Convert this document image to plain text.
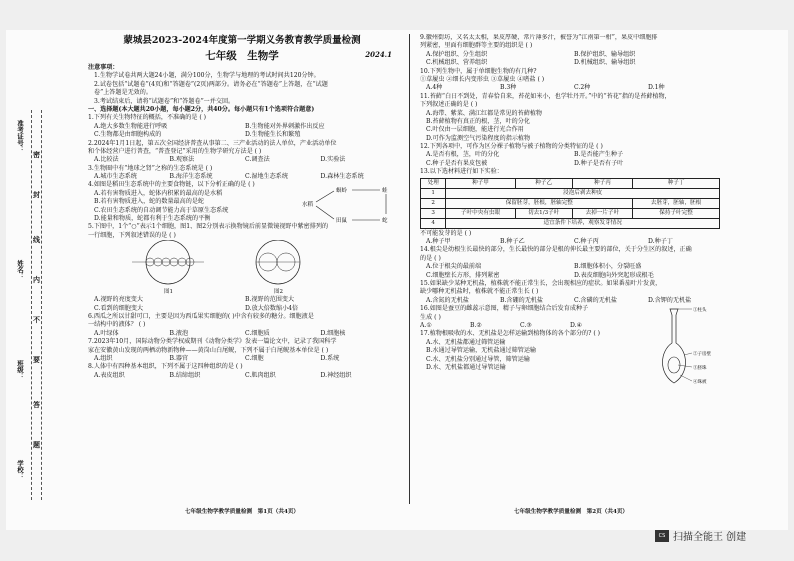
学校：
班级：
姓名：
准考证号：
密
封
线
内
不
要
答
题
蒙城县2023-2024年度第一学期义务教育教学质量检测
七年级　 生物学	2024.1
注意事项：
1.生物学试卷共两大题24小题，满分100分，生物学与地理的考试时间共120分钟。
2.试卷包括“试题卷”(4页)和“答题卷”(2页)两部分。请务必在“答题卷”上答题，在“试题
卷”上答题是无效的。
3.考试结束后，请将“试题卷”和“答题卷”一并交回。
一、选择题(本大题共20小题，每小题2分，共40分。每小题只有1个选项符合题意)
1.下列有关生物特征的概括，不准确的是 ( )
A.绝大多数生物能进行呼吸	B.生物能对外界刺激作出反应
C.生物都是由细胞构成的	D.生物能生长和繁殖
2.2024年1月1日起，第五次全国经济普查从事第二、三产业活动的法人单位，产业活动单位
和个体经营户进行普查，“普查登记”采用的生物学研究方法是 ( )
A.比较法	B.观察法	C.调查法	D.实验法
3.生物圈中有“地球之肾”之称的生态系统是 ( )
A.城市生态系统	B.海洋生态系统	C.湿地生态系统	D.森林生态系统
4.如图是稻田生态系统中的主要食物链，以下分析正确的是 ( )
A.若有害物质进入，蛇体内积累的最高的是水稻
B.若有害物质进入，蛇的数量最高的是蛇
C.农田生态系统的自动调节能力高于草原生态系统
D.能量和物质，蛇都有利于生态系统的平衡
水稻
螟蛉
田鼠
蛙
蛇
5.下图中，1个“○”表示1个细胞，图1、图2分别表示换物镜后前显微镜视野中紫密排列的
一行细胞，下列叙述错误的是 ( )
图1	图2
A.视野的亮度变大	B.视野的范围变大
C.看到的细胞变大	D.放大倍数缩小4倍
6.西瓜之所以甘甜可口，主要是因为西瓜果实细胞的( )中含有较多的糖分。细胞液是
一结构中的液体？ ( )
A.叶绿体	B.液泡	C.细胞质	D.细胞核
7.2023年10月，国际动物分类学权威期刊《动物分类学》发表一篇论文中，记录了我国科学
家在安徽黄山发现的两栖动物新物种——黄岗山白尾鲵，下列不属于白尾鲵基本单位是 ( )
A.组织	B.器官	C.细胞	D.系统
8.人体中有四种基本组织，下列不属于这四种组织的是 ( )
A.表皮组织	B.结缔组织	C.肌肉组织	D.神经组织
七年级生物学教学质量检测　第1页（共4页）
9.徽州街坊，又名太太相，果皮厚硬，常片薄多汁，被誉为“江南第一柑”，果皮中细胞排
列紧密，里面有细胞群等主要的组织是 ( )
A.保护组织、分生组织	B.保护组织、输导组织
C.机械组织、营养组织	D.机械组织、输导组织
10.下列生物中，属于单细胞生物的有几种?
①草履虫 ②细长内变形虫 ③草履虫 ④嗜盐 ( )
A.4种	B.3种	C.2种	D.1种
11.苔藓“白日不到处，青春恰自来，苔花如米小，也学牡丹开。”中的“苔花”指的是苔藓植物，
下列叙述正确的是 ( )
A.海带、紫菜、满江红都是常见的苔藓植物
B.苔藓植物有真正的根，茎，叶的分化
C.叶仅由一层细胞，能进行光合作用
D.可作为监测空气污染程度的指示植物
12.下列各项中，可作为区分裸子植物与被子植物的分类特征的是 ( )
A.是否有根，茎，叶的分化	B.是否能产生种子
C.种子是否有果皮包被	D.种子是否有子叶
13.以下选材料进行如下实验：
处理	种子甲	种子乙	种子丙	种子丁
1	浸泡后剥去种皮			
2	保留胚芽，胚根，胚轴完整			去胚芽，胚轴，胚根
3	子叶中央有虫眼	切去1/3子叶	去掉一片子叶	保持子叶完整
4	适宜条件下培养，观察发芽情况			
不可能发芽的是 ( )
A.种子甲	B.种子乙	C.种子丙	D.种子丁
14.根尖是幼根生长最快的部分，生长最快的部分是根的伸长最主要的部位，关于分生区的叙述，正确
的是 ( )
A.位于根尖的最前端	B.细胞体积小，分裂旺盛
C.细胞壁长方形，排列紧密	D.表皮细胞向外突起形成根毛
15.如果缺少某种无机盐，植株就不能正常生长，会出现相应的症状。如果番茄叶片发黄，
缺少哪种无机盐时，植株就不能正常生长 ( )
A.含氮的无机盐	B.含硼的无机盐	C.含磷的无机盐	D.含钾的无机盐
16.如图是蚕豆的雌蕊示意图，精子与卵细胞结合后发育成种子
生成 ( )
A.①	B.②	C.③	D.④
①柱头
②子房壁
③胚珠
④珠被
17.植物根吸收的水、无机盐是怎样运输到植物体的各个部分的? ( )
A.水、无机盐都通过筛管运输
B.水通过导管运输，无机盐通过筛管运输
C.水、无机盐分别通过导管，筛管运输
D.水、无机盐都通过导管运输
七年级生物学教学质量检测　第2页（共4页）
CS 扫描全能王 创建
